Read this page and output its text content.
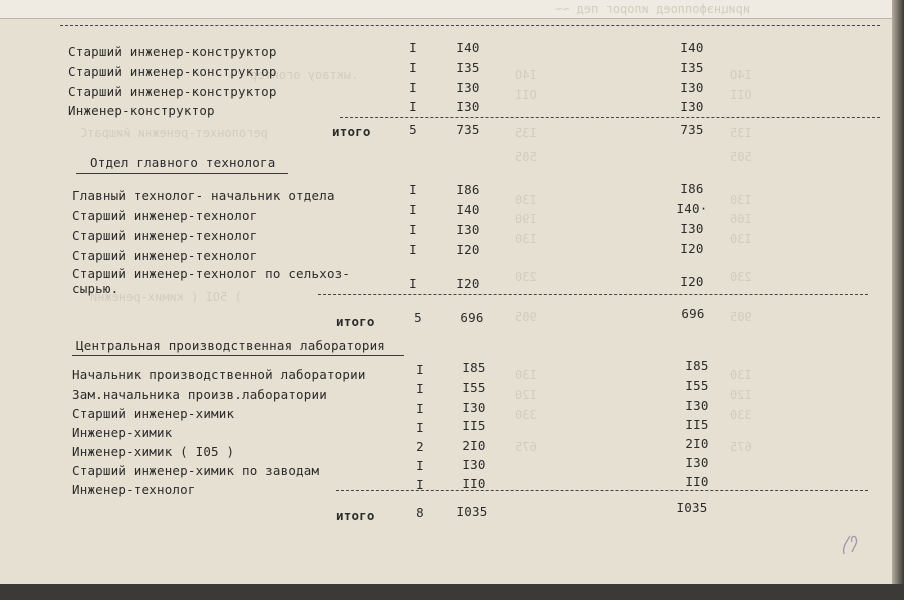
ирицнэфоплоед илорог пед ~~
.ыктаоу огонтер	I4O	I4O
OII	OII
реголонхет-ренежни йишратС	I35	I35
505	505
I30	I30
I90	I06
I30	I30
230	230
) 5OI ( кимих-ренежнИ
905	905
I30	I30
I20	I20
330	330
675	675
Старший инженер-конструктор	I	I40	I40
Старший инженер-конструктор	I	I35	I35
Старший инженер-конструктор	I	I30	I30
Инженер-конструктор	I	I30	I30
итого	5	735	735
Отдел главного технолога
Главный технолог- начальник отдела	I	I86	I86
Старший инженер-технолог	I	I40	I40·
Старший инженер-технолог	I	I30	I30
Старший инженер-технолог	I	I20	I20
Старший инженер-технолог по сельхоз-
сырью.	I	I20	I20
итого	5	696	696
Центральная производственная лаборатория
Начальник производственной лаборатории	I	I85	I85
Зам.начальника произв.лаборатории	I	I55	I55
Старший инженер-химик	I	I30	I30
Инженер-химик	I	II5	II5
Инженер-химик ( I05 )	2	2I0	2I0
Старший инженер-химик по заводам	I	I30	I30
Инженер-технолог	I	II0	II0
итого	8	I035	I035
